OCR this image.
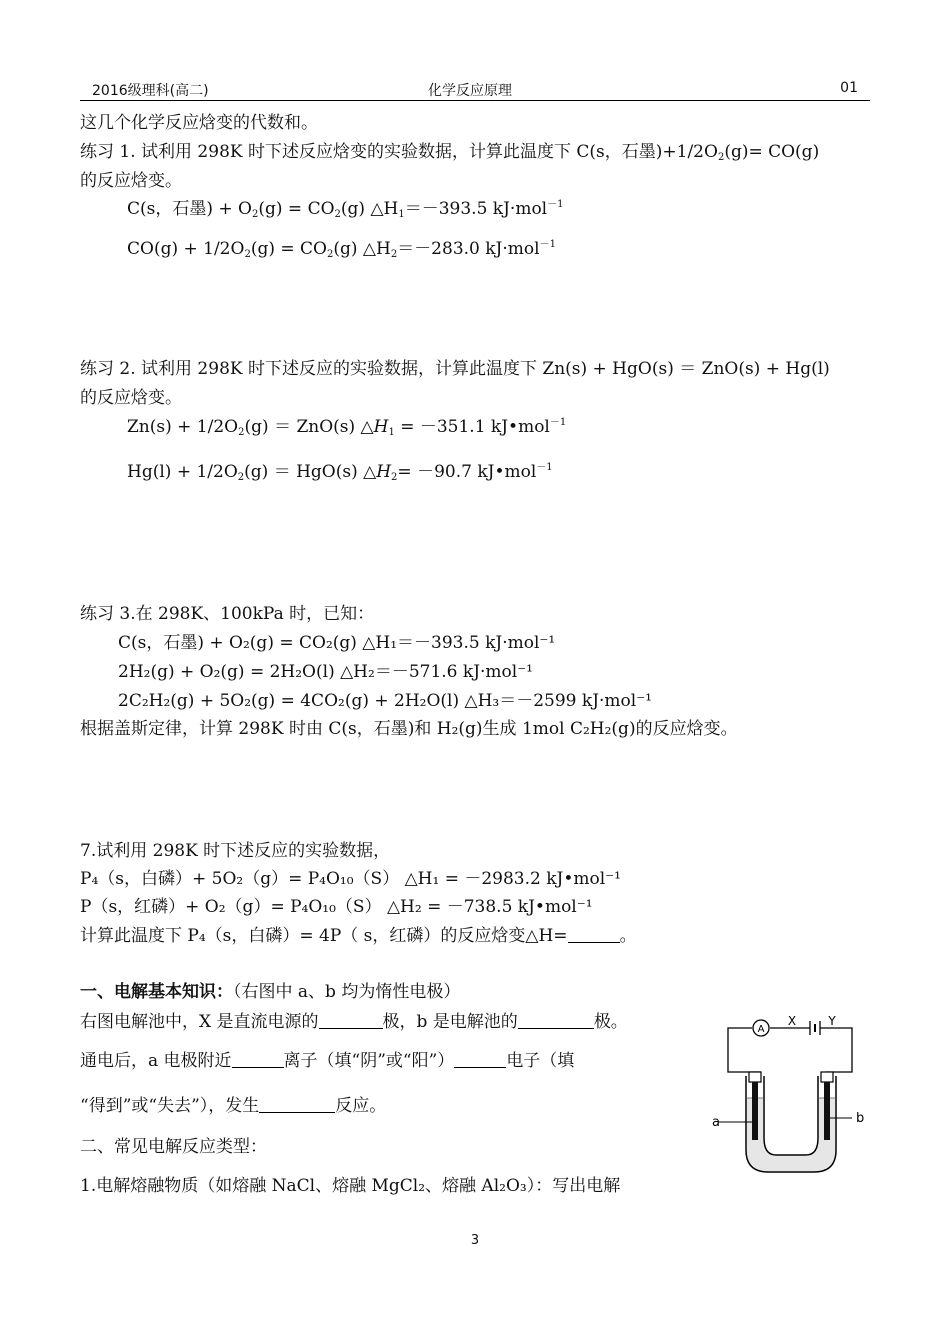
2016级理科(高二)	化学反应原理	01
这几个化学反应焓变的代数和。
练习 1. 试利用 298K 时下述反应焓变的实验数据，计算此温度下 C(s，石墨)$+1/2O_2(g)= CO(g)$
的反应焓变。
C(s，石墨) + $O_2(g) = CO_2(g)$ $\triangle H_1=-393.5$ kJ·mol$^{-1}$
$CO(g) + 1/2O_2(g) = CO_2(g)$ $\triangle H_2=-283.0$ kJ·mol$^{-1}$
练习 2. 试利用 298K 时下述反应的实验数据，计算此温度下 Zn(s) + HgO(s) ＝ ZnO(s) + Hg(l)
的反应焓变。
$Zn(s) + 1/2O_2(g) = ZnO(s)$ $\triangle H_1 = -351.1$ kJ•mol$^{-1}$
$Hg(l) + 1/2O_2(g) = HgO(s)$ $\triangle H_2= -90.7$ kJ•mol$^{-1}$
练习 3.在 298K、100kPa 时，已知：
C(s，石墨) + O₂(g) = CO₂(g) △H₁＝－393.5 kJ·mol⁻¹
2H₂(g) + O₂(g) = 2H₂O(l) △H₂＝－571.6 kJ·mol⁻¹
2C₂H₂(g) + 5O₂(g) = 4CO₂(g) + 2H₂O(l) △H₃＝－2599 kJ·mol⁻¹
根据盖斯定律，计算 298K 时由 C(s，石墨)和 H₂(g)生成 1mol C₂H₂(g)的反应焓变。
7.试利用 298K 时下述反应的实验数据，
P₄（s，白磷）+ 5O₂（g）= P₄O₁₀（S） △H₁ = －2983.2 kJ•mol⁻¹
P（s，红磷）+ O₂（g）= P₄O₁₀（S） △H₂ = －738.5 kJ•mol⁻¹
计算此温度下 P₄（s，白磷）= 4P（ s，红磷）的反应焓变△H=	。
一、电解基本知识：（右图中 a、b 均为惰性电极）
右图电解池中，X 是直流电源的	极，b 是电解池的	极。
通电后，a 电极附近	离子（填“阴”或“阳”）	电子（填
“得到”或“失去”），发生	反应。
二、常见电解反应类型：
1.电解熔融物质（如熔融 NaCl、熔融 MgCl₂、熔融 Al₂O₃）：写出电解
A
X	Y
a	b
3
